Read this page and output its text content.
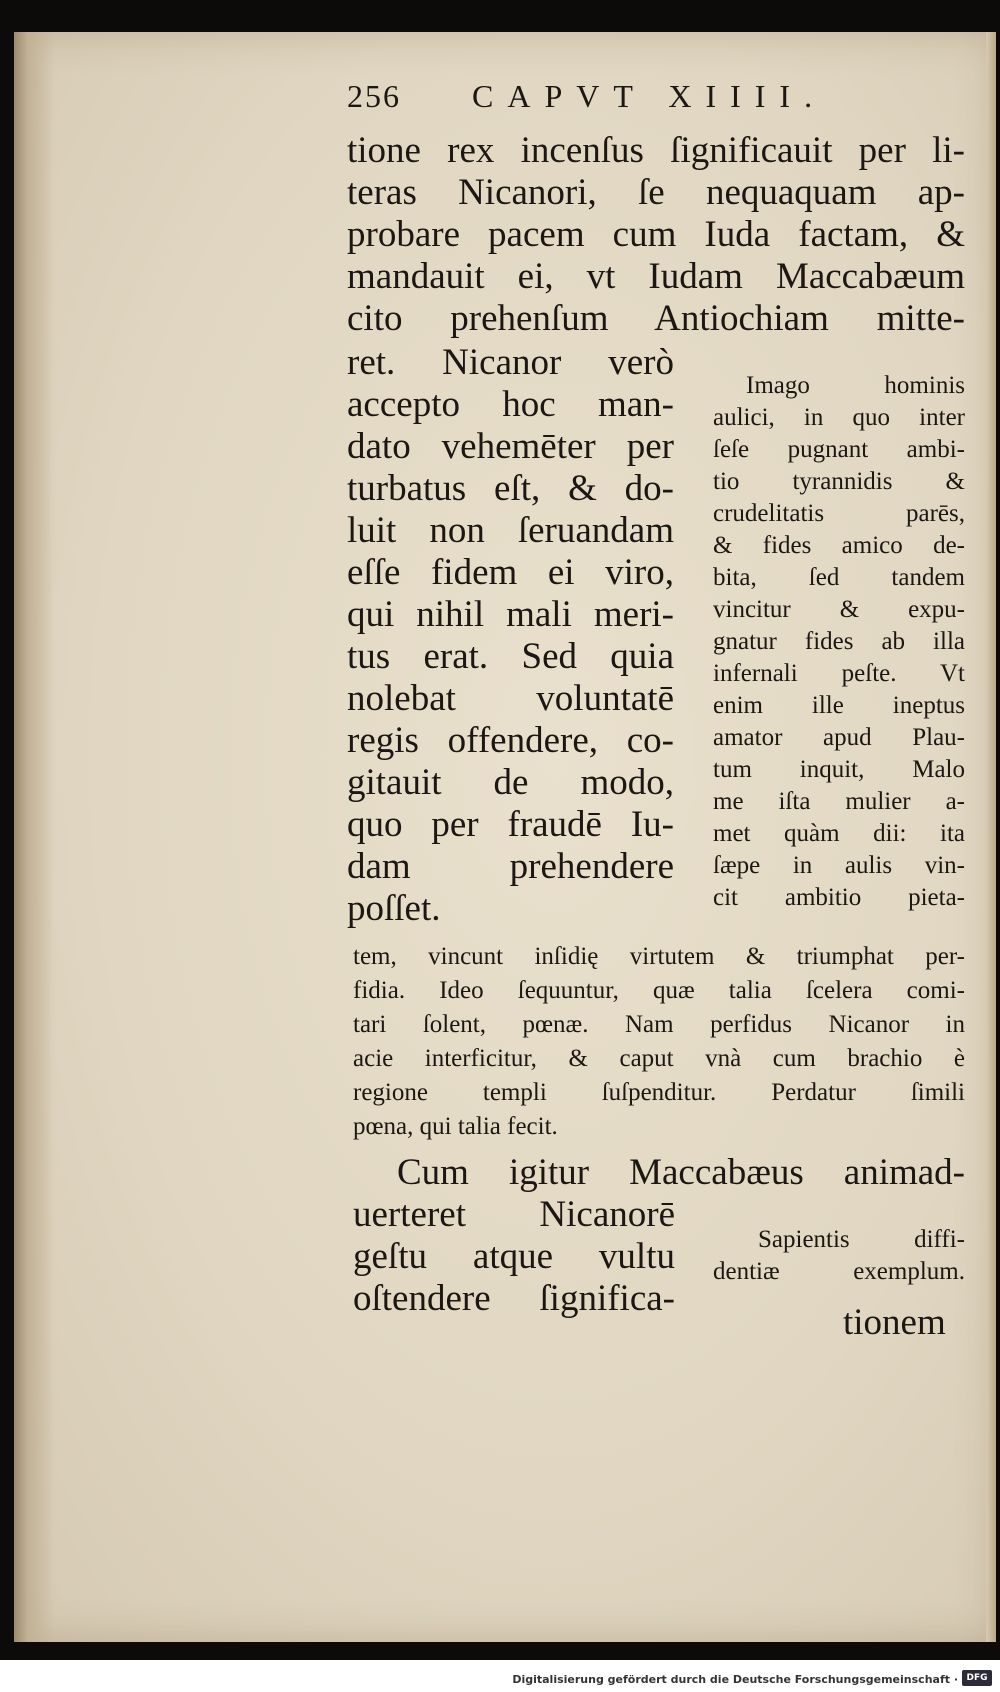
256 CAPVT XIIII.
tione rex incenſus ſignificauit per li-
teras Nicanori, ſe nequaquam ap-
probare pacem cum Iuda factam, &
mandauit ei, vt Iudam Maccabæum
cito prehenſum Antiochiam mitte-
ret. Nicanor verò
accepto hoc man-
dato vehemēter per
turbatus eſt, & do-
luit non ſeruandam
eſſe fidem ei viro,
qui nihil mali meri-
tus erat. Sed quia
nolebat voluntatē
regis offendere, co-
gitauit de modo,
quo per fraudē Iu-
dam prehendere
poſſet.
Imago hominis
aulici, in quo inter
ſeſe pugnant ambi-
tio tyrannidis &
crudelitatis parēs,
& fides amico de-
bita, ſed tandem
vincitur & expu-
gnatur fides ab illa
infernali peſte. Vt
enim ille ineptus
amator apud Plau-
tum inquit, Malo
me iſta mulier a-
met quàm dii: ita
ſæpe in aulis vin-
cit ambitio pieta-
tem, vincunt inſidię virtutem & triumphat per-
fidia. Ideo ſequuntur, quæ talia ſcelera comi-
tari ſolent, pœnæ. Nam perfidus Nicanor in
acie interficitur, & caput vnà cum brachio è
regione templi ſuſpenditur. Perdatur ſimili
pœna, qui talia fecit.
Cum igitur Maccabæus animad-
uerteret Nicanorē
geſtu atque vultu
oſtendere ſignifica-
Sapientis diffi-
dentiæ exemplum.
tionem
Digitalisierung gefördert durch die Deutsche Forschungsgemeinschaft · DFG
